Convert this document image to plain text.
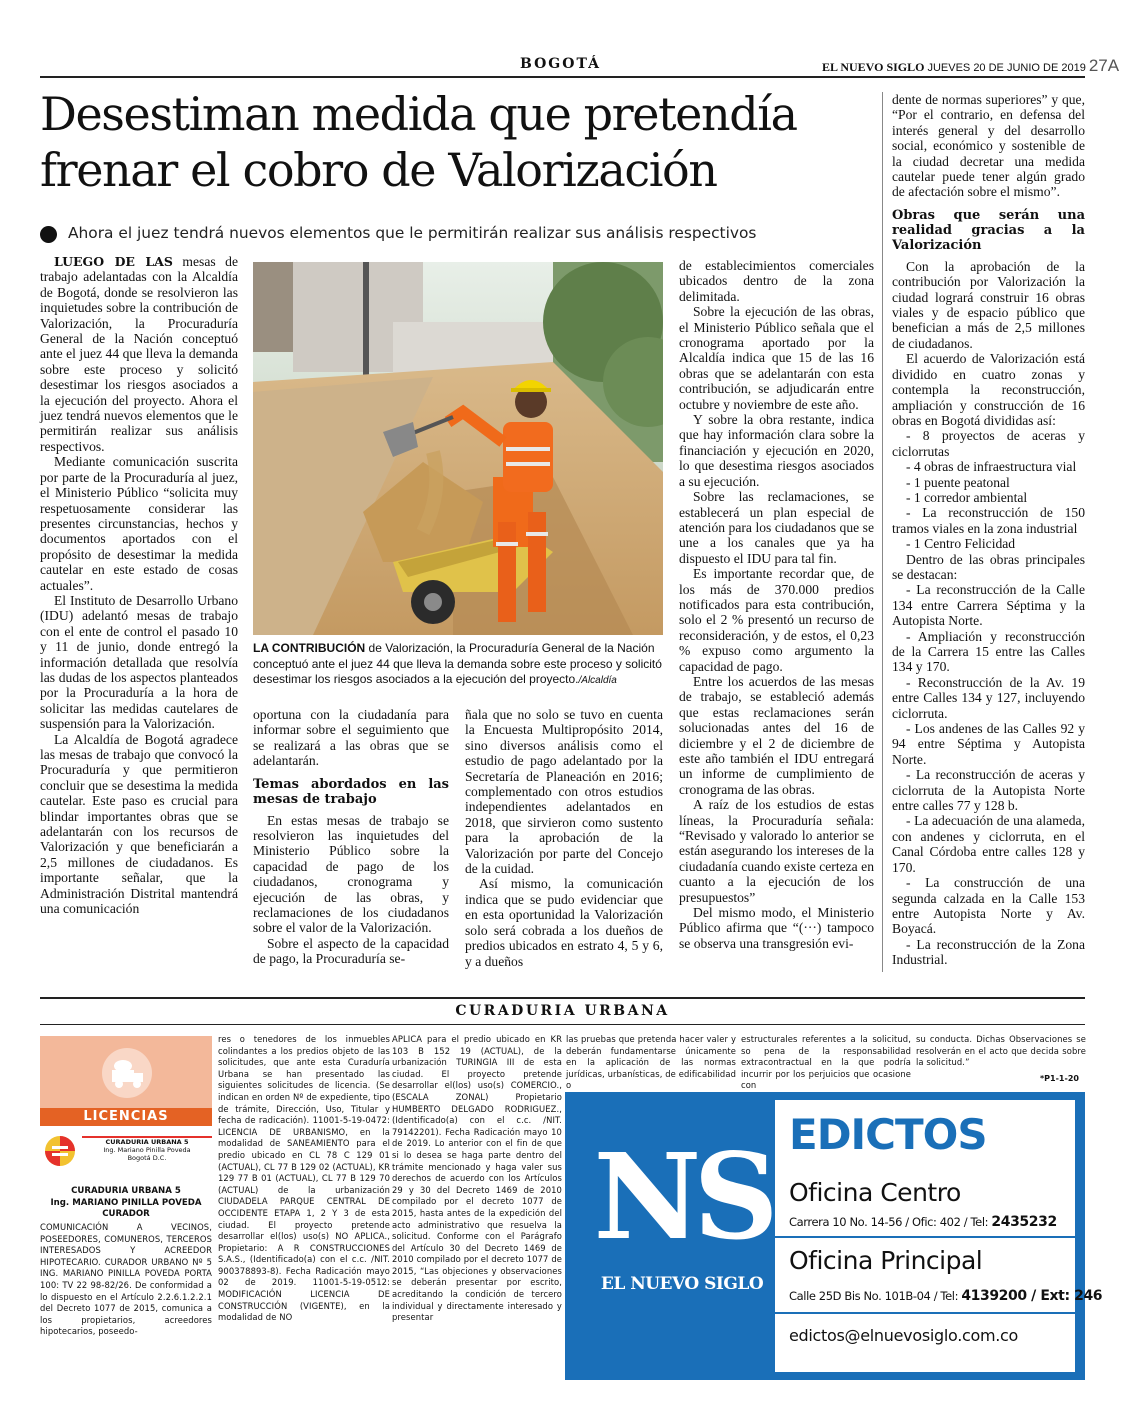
BOGOTÁ	EL NUEVO SIGLO JUEVES 20 DE JUNIO DE 2019 27A
Desestiman medida que pretendía
frenar el cobro de Valorización
Ahora el juez tendrá nuevos elementos que le permitirán realizar sus análisis respectivos

LUEGO DE LAS mesas de trabajo adelantadas con la Alcaldía de Bogotá, donde se resolvieron las inquietudes sobre la contribución de Valorización, la Procuraduría General de la Nación conceptuó ante el juez 44 que lleva la demanda sobre este proceso y solicitó desestimar los riesgos asociados a la ejecución del proyecto. Ahora el juez tendrá nuevos elementos que le permitirán realizar sus análisis respectivos.

Mediante comunicación suscrita por parte de la Procuraduría al juez, el Ministerio Público “solicita muy respetuosamente considerar las presentes circunstancias, hechos y documentos aportados con el propósito de desestimar la medida cautelar en este estado de cosas actuales”.

El Instituto de Desarrollo Urbano (IDU) adelantó mesas de trabajo con el ente de control el pasado 10 y 11 de junio, donde entregó la información detallada que resolvía las dudas de los aspectos planteados por la Procuraduría a la hora de solicitar las medidas cautelares de suspensión para la Valorización.

La Alcaldía de Bogotá agradece las mesas de trabajo que convocó la Procuraduría y que permitieron concluir que se desestima la medida cautelar. Este paso es crucial para blindar importantes obras que se adelantarán con los recursos de Valorización y que beneficiarán a 2,5 millones de ciudadanos. Es importante señalar, que la Administración Distrital mantendrá una comunicación

LA CONTRIBUCIÓN de Valorización, la Procuraduría General de la Nación conceptuó ante el juez 44 que lleva la demanda sobre este proceso y solicitó desestimar los riesgos asociados a la ejecución del proyecto./Alcaldía

oportuna con la ciudadanía para informar sobre el seguimiento que se realizará a las obras que se adelantarán.

Temas abordados en las mesas de trabajo

En estas mesas de trabajo se resolvieron las inquietudes del Ministerio Público sobre la capacidad de pago de los ciudadanos, cronograma y ejecución de las obras, y reclamaciones de los ciudadanos sobre el valor de la Valorización.

Sobre el aspecto de la capacidad de pago, la Procuraduría se-

ñala que no solo se tuvo en cuenta la Encuesta Multipropósito 2014, sino diversos análisis como el estudio de pago adelantado por la Secretaría de Planeación en 2016; complementado con otros estudios independientes adelantados en 2018, que sirvieron como sustento para la aprobación de la Valorización por parte del Concejo de la cuidad.

Así mismo, la comunicación indica que se pudo evidenciar que en esta oportunidad la Valorización solo será cobrada a los dueños de predios ubicados en estrato 4, 5 y 6, y a dueños

de establecimientos comerciales ubicados dentro de la zona delimitada.

Sobre la ejecución de las obras, el Ministerio Público señala que el cronograma aportado por la Alcaldía indica que 15 de las 16 obras que se adelantarán con esta contribución, se adjudicarán entre octubre y noviembre de este año.

Y sobre la obra restante, indica que hay información clara sobre la financiación y ejecución en 2020, lo que desestima riesgos asociados a su ejecución.

Sobre las reclamaciones, se establecerá un plan especial de atención para los ciudadanos que se une a los canales que ya ha dispuesto el IDU para tal fin.

Es importante recordar que, de los más de 370.000 predios notificados para esta contribución, solo el 2 % presentó un recurso de reconsideración, y de estos, el 0,23 % expuso como argumento la capacidad de pago.

Entre los acuerdos de las mesas de trabajo, se estableció además que estas reclamaciones serán solucionadas antes del 16 de diciembre y el 2 de diciembre de este año también el IDU entregará un informe de cumplimiento de cronograma de las obras.

A raíz de los estudios de estas líneas, la Procuraduría señala: “Revisado y valorado lo anterior se están asegurando los intereses de la ciudadanía cuando existe certeza en cuanto a la ejecución de los presupuestos”

Del mismo modo, el Ministerio Público afirma que “(···) tampoco se observa una transgresión evi-

dente de normas superiores” y que, “Por el contrario, en defensa del interés general y del desarrollo social, económico y sostenible de la ciudad decretar una medida cautelar puede tener algún grado de afectación sobre el mismo”.

Obras que serán una realidad gracias a la Valorización
Con la aprobación de la contribución por Valorización la ciudad logrará construir 16 obras viales y de espacio público que benefician a más de 2,5 millones de ciudadanos.
El acuerdo de Valorización está dividido en cuatro zonas y contempla la reconstrucción, ampliación y construcción de 16 obras en Bogotá divididas así:
- 8 proyectos de aceras y ciclorrutas
- 4 obras de infraestructura vial
- 1 puente peatonal
- 1 corredor ambiental
- La reconstrucción de 150 tramos viales en la zona industrial
- 1 Centro Felicidad
Dentro de las obras principales se destacan:
- La reconstrucción de la Calle 134 entre Carrera Séptima y la Autopista Norte.
- Ampliación y reconstrucción de la Carrera 15 entre las Calles 134 y 170.
- Reconstrucción de la Av. 19 entre Calles 134 y 127, incluyendo ciclorruta.
- Los andenes de las Calles 92 y 94 entre Séptima y Autopista Norte.
- La reconstrucción de aceras y ciclorruta de la Autopista Norte entre calles 77 y 128 b.
- La adecuación de una alameda, con andenes y ciclorruta, en el Canal Córdoba entre calles 128 y 170.
- La construcción de una segunda calzada en la Calle 153 entre Autopista Norte y Av. Boyacá.
- La reconstrucción de la Zona Industrial.
CURADURIA URBANA
LICENCIAS
CURADURIA URBANA 5
Ing. Mariano Pinilla Poveda
Bogotá D.C.
CURADURIA URBANA 5
Ing. MARIANO PINILLA POVEDA
CURADOR

COMUNICACIÓN A VECINOS, POSEEDORES, COMUNEROS, TERCEROS INTERESADOS Y ACREEDOR HIPOTECARIO. CURADOR URBANO Nº 5 ING. MARIANO PINILLA POVEDA PORTA 100: TV 22 98-82/26. De conformidad a lo dispuesto en el Artículo 2.2.6.1.2.2.1 del Decreto 1077 de 2015, comunica a los propietarios, acreedores hipotecarios, poseedo-

res o tenedores de los inmuebles colindantes a los predios objeto de las solicitudes, que ante esta Curaduría Urbana se han presentado las siguientes solicitudes de licencia. (Se indican en orden Nº de expediente, tipo de trámite, Dirección, Uso, Titular y fecha de radicación). 11001-5-19-0472: LICENCIA DE URBANISMO, en la modalidad de SANEAMIENTO para el predio ubicado en CL 78 C 129 01 (ACTUAL), CL 77 B 129 02 (ACTUAL), KR 129 77 B 01 (ACTUAL), CL 77 B 129 70 (ACTUAL) de la urbanización CIUDADELA PARQUE CENTRAL DE OCCIDENTE ETAPA 1, 2 Y 3 de esta ciudad. El proyecto pretende desarrollar el(los) uso(s) NO APLICA., Propietario: A R CONSTRUCCIONES S.A.S., (Identificado(a) con el c.c. /NIT. 900378893-8). Fecha Radicación mayo 02 de 2019. 11001-5-19-0512: MODIFICACIÓN LICENCIA DE CONSTRUCCIÓN (VIGENTE), en la modalidad de NO

APLICA para el predio ubicado en KR 103 B 152 19 (ACTUAL), de la urbanización TURINGIA III de esta ciudad. El proyecto pretende desarrollar el(los) uso(s) COMERCIO., (ESCALA ZONAL) Propietario HUMBERTO DELGADO RODRIGUEZ., (Identificado(a) con el c.c. /NIT. 79142201). Fecha Radicación mayo 10 de 2019. Lo anterior con el fin de que si lo desea se haga parte dentro del trámite mencionado y haga valer sus derechos de acuerdo con los Artículos 29 y 30 del Decreto 1469 de 2010 compilado por el decreto 1077 de 2015, hasta antes de la expedición del acto administrativo que resuelva la solicitud. Conforme con el Parágrafo del Artículo 30 del Decreto 1469 de 2010 compilado por el decreto 1077 de 2015, “Las objeciones y observaciones se deberán presentar por escrito, acreditando la condición de tercero individual y directamente interesado y presentar

las pruebas que pretenda hacer valer y deberán fundamentarse únicamente en la aplicación de las normas jurídicas, urbanísticas, de edificabilidad o

estructurales referentes a la solicitud, so pena de la responsabilidad extracontractual en la que podría incurrir por los perjuicios que ocasione con

su conducta. Dichas Observaciones se resolverán en el acto que decida sobre la solicitud.”

*P1-1-20
NS
EL NUEVO SIGLO
EDICTOS
Oficina Centro
Carrera 10 No. 14-56 / Ofic: 402 / Tel: 2435232
Oficina Principal
Calle 25D Bis No. 101B-04 / Tel: 4139200 / Ext: 246
edictos@elnuevosiglo.com.co
